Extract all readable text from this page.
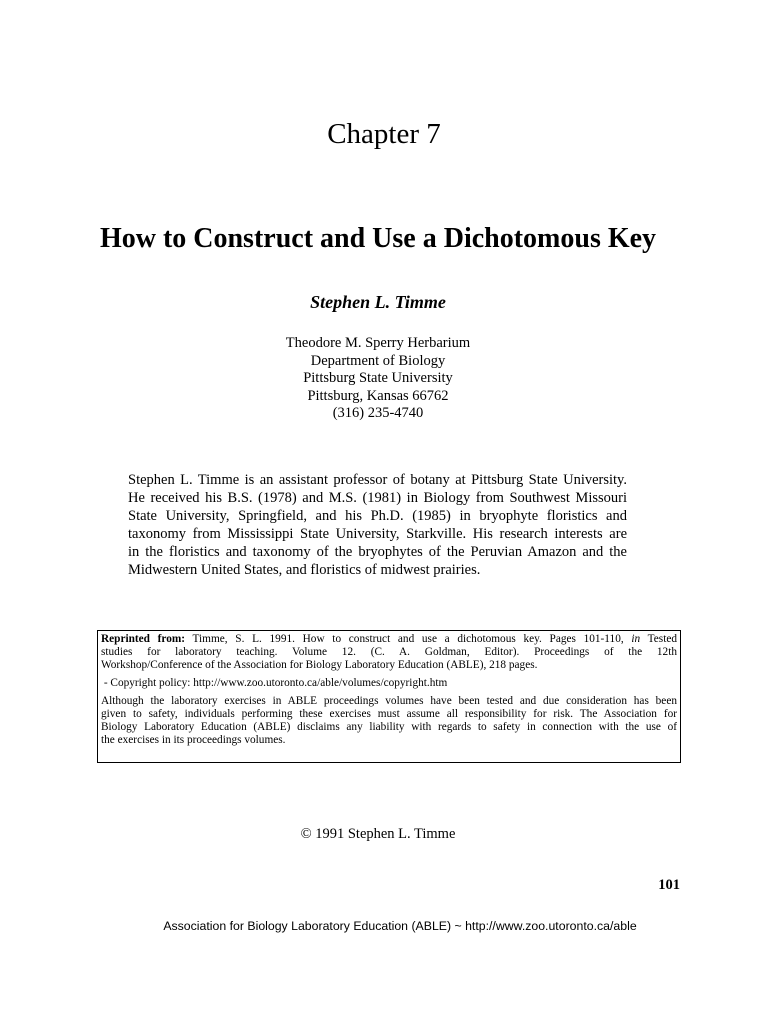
Chapter 7
How to Construct and Use a Dichotomous Key
Stephen L. Timme
Theodore M. Sperry Herbarium
Department of Biology
Pittsburg State University
Pittsburg, Kansas 66762
(316) 235-4740
Stephen L. Timme is an assistant professor of botany at Pittsburg State University.
He received his B.S. (1978) and M.S. (1981) in Biology from Southwest Missouri
State University, Springfield, and his Ph.D. (1985) in bryophyte floristics and
taxonomy from Mississippi State University, Starkville. His research interests are
in the floristics and taxonomy of the bryophytes of the Peruvian Amazon and the
Midwestern United States, and floristics of midwest prairies.
Reprinted from: Timme, S. L. 1991. How to construct and use a dichotomous key. Pages 101-110, in Tested
studies for laboratory teaching. Volume 12. (C. A. Goldman, Editor). Proceedings of the 12th
Workshop/Conference of the Association for Biology Laboratory Education (ABLE), 218 pages.
- Copyright policy: http://www.zoo.utoronto.ca/able/volumes/copyright.htm
Although the laboratory exercises in ABLE proceedings volumes have been tested and due consideration has been
given to safety, individuals performing these exercises must assume all responsibility for risk. The Association for
Biology Laboratory Education (ABLE) disclaims any liability with regards to safety in connection with the use of
the exercises in its proceedings volumes.
© 1991 Stephen L. Timme
101
Association for Biology Laboratory Education (ABLE) ~ http://www.zoo.utoronto.ca/able
